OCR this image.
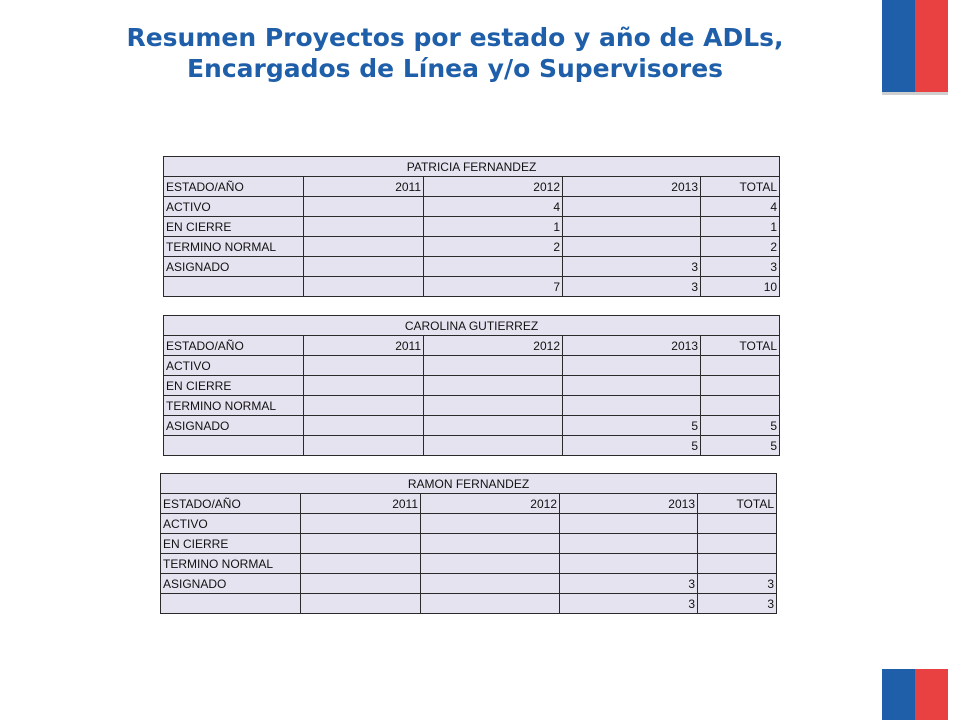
Resumen Proyectos por estado y año de ADLs,
Encargados de Línea y/o Supervisores
PATRICIA FERNANDEZ				
ESTADO/AÑO	2011	2012	2013	TOTAL
ACTIVO		4		4
EN CIERRE		1		1
TERMINO NORMAL		2		2
ASIGNADO			3	3
		7	3	10
CAROLINA GUTIERREZ				
ESTADO/AÑO	2011	2012	2013	TOTAL
ACTIVO				
EN CIERRE				
TERMINO NORMAL				
ASIGNADO			5	5
			5	5
RAMON FERNANDEZ				
ESTADO/AÑO	2011	2012	2013	TOTAL
ACTIVO				
EN CIERRE				
TERMINO NORMAL				
ASIGNADO			3	3
			3	3
